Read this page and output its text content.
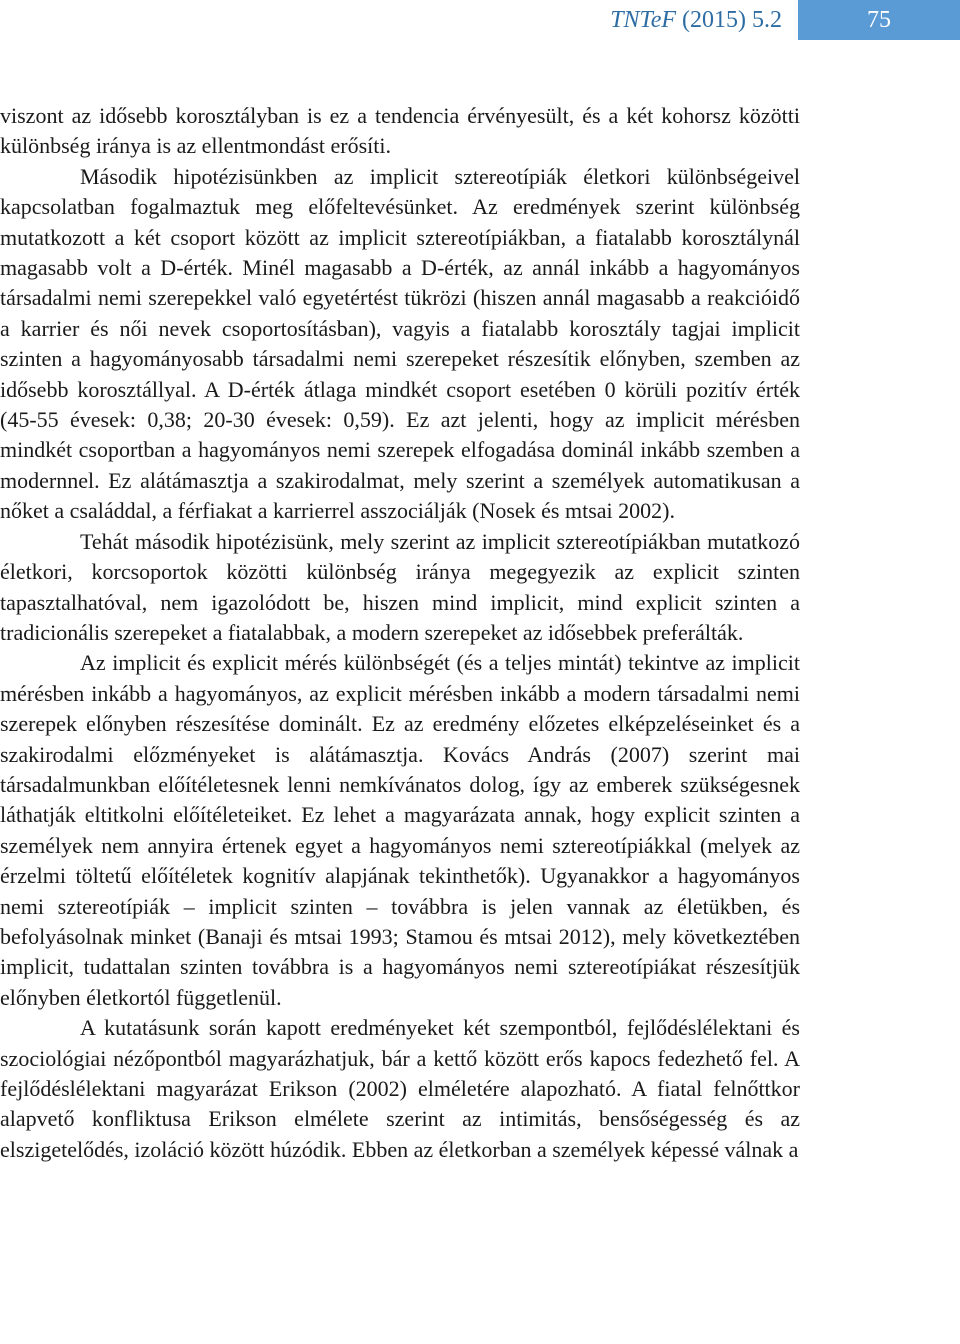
TNTeF (2015) 5.2	75

viszont az idősebb korosztályban is ez a tendencia érvényesült, és a két kohorsz közötti különbség iránya is az ellentmondást erősíti.

Második hipotézisünkben az implicit sztereotípiák életkori különbségeivel kapcsolatban fogalmaztuk meg előfeltevésünket. Az eredmények szerint különbség mutatkozott a két csoport között az implicit sztereotípiákban, a fiatalabb korosztálynál magasabb volt a D-érték. Minél magasabb a D-érték, az annál inkább a hagyományos társadalmi nemi szerepekkel való egyetértést tükrözi (hiszen annál magasabb a reakcióidő a karrier és női nevek csoportosításban), vagyis a fiatalabb korosztály tagjai implicit szinten a hagyományosabb társadalmi nemi szerepeket részesítik előnyben, szemben az idősebb korosztállyal. A D-érték átlaga mindkét csoport esetében 0 körüli pozitív érték (45-55 évesek: 0,38; 20-30 évesek: 0,59). Ez azt jelenti, hogy az implicit mérésben mindkét csoportban a hagyományos nemi szerepek elfogadása dominál inkább szemben a modernnel. Ez alátámasztja a szakirodalmat, mely szerint a személyek automatikusan a nőket a családdal, a férfiakat a karrierrel asszociálják (Nosek és mtsai 2002).

Tehát második hipotézisünk, mely szerint az implicit sztereotípiákban mutatkozó életkori, korcsoportok közötti különbség iránya megegyezik az explicit szinten tapasztalhatóval, nem igazolódott be, hiszen mind implicit, mind explicit szinten a tradicionális szerepeket a fiatalabbak, a modern szerepeket az idősebbek preferálták.

Az implicit és explicit mérés különbségét (és a teljes mintát) tekintve az implicit mérésben inkább a hagyományos, az explicit mérésben inkább a modern társadalmi nemi szerepek előnyben részesítése dominált. Ez az eredmény előzetes elképzeléseinket és a szakirodalmi előzményeket is alátámasztja. Kovács András (2007) szerint mai társadalmunkban előítéletesnek lenni nemkívánatos dolog, így az emberek szükségesnek láthatják eltitkolni előítéleteiket. Ez lehet a magyarázata annak, hogy explicit szinten a személyek nem annyira értenek egyet a hagyományos nemi sztereotípiákkal (melyek az érzelmi töltetű előítéletek kognitív alapjának tekinthetők). Ugyanakkor a hagyományos nemi sztereotípiák – implicit szinten – továbbra is jelen vannak az életükben, és befolyásolnak minket (Banaji és mtsai 1993; Stamou és mtsai 2012), mely következtében implicit, tudattalan szinten továbbra is a hagyományos nemi sztereotípiákat részesítjük előnyben életkortól függetlenül.

A kutatásunk során kapott eredményeket két szempontból, fejlődéslélektani és szociológiai nézőpontból magyarázhatjuk, bár a kettő között erős kapocs fedezhető fel. A fejlődéslélektani magyarázat Erikson (2002) elméletére alapozható. A fiatal felnőttkor alapvető konfliktusa Erikson elmélete szerint az intimitás, bensőségesség és az elszigetelődés, izoláció között húzódik. Ebben az életkorban a személyek képessé válnak a
